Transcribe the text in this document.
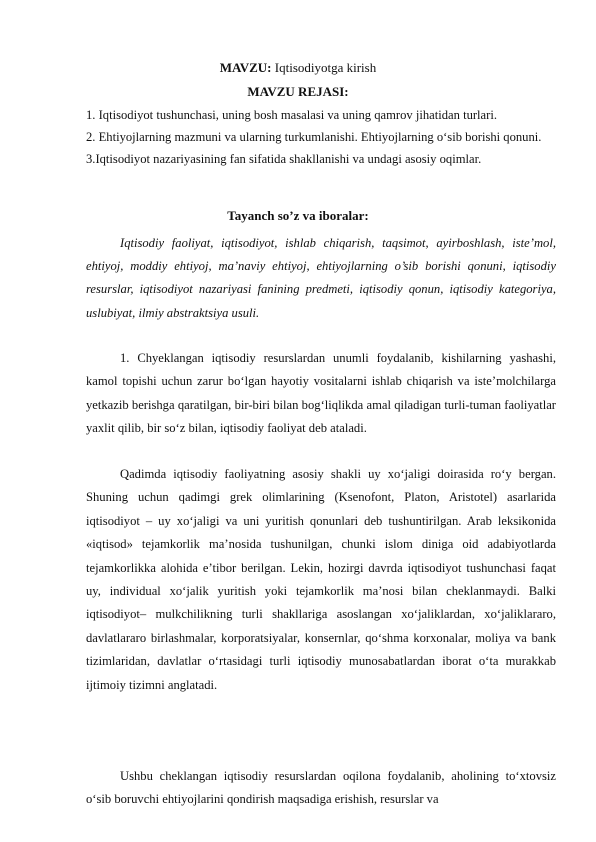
MAVZU: Iqtisodiyotga kirish
MAVZU REJASI:
1. Iqtisodiyot tushunchasi, uning bosh masalasi va uning qamrov jihatidan turlari.
2. Ehtiyojlarning mazmuni va ularning turkumlanishi. Ehtiyojlarning o‘sib borishi qonuni.
3.Iqtisodiyot nazariyasining fan sifatida shakllanishi va undagi asosiy oqimlar.
Tayanch so’z va iboralar:

Iqtisodiy faoliyat, iqtisodiyot, ishlab chiqarish, taqsimot, ayirboshlash, iste’mol, ehtiyoj, moddiy ehtiyoj, ma’naviy ehtiyoj, ehtiyojlarning o’sib borishi qonuni, iqtisodiy resurslar, iqtisodiyot nazariyasi fanining predmeti, iqtisodiy qonun, iqtisodiy kategoriya, uslubiyat, ilmiy abstraktsiya usuli.

1. Chyeklangan iqtisodiy resurslardan unumli foydalanib, kishilarning yashashi, kamol topishi uchun zarur bo‘lgan hayotiy vositalarni ishlab chiqarish va iste’molchilarga yetkazib berishga qaratilgan, bir-biri bilan bog‘liqlikda amal qiladigan turli-tuman faoliyatlar yaxlit qilib, bir so‘z bilan, iqtisodiy faoliyat deb ataladi.

Qadimda iqtisodiy faoliyatning asosiy shakli uy xo‘jaligi doirasida ro‘y bergan. Shuning uchun qadimgi grek olimlarining (Ksenofont, Platon, Aristotel) asarlarida iqtisodiyot – uy xo‘jaligi va uni yuritish qonunlari deb tushuntirilgan. Arab leksikonida «iqtisod» tejamkorlik ma’nosida tushunilgan, chunki islom diniga oid adabiyotlarda tejamkorlikka alohida e’tibor berilgan. Lekin, hozirgi davrda iqtisodiyot tushunchasi faqat uy, individual xo‘jalik yuritish yoki tejamkorlik ma’nosi bilan cheklanmaydi. Balki iqtisodiyot– mulkchilikning turli shakllariga asoslangan xo‘jaliklardan, xo‘jaliklararo, davlatlararo birlashmalar, korporatsiyalar, konsernlar, qo‘shma korxonalar, moliya va bank tizimlaridan, davlatlar o‘rtasidagi turli iqtisodiy munosabatlardan iborat o‘ta murakkab ijtimoiy tizimni anglatadi.

Ushbu cheklangan iqtisodiy resurslardan oqilona foydalanib, aholining to‘xtovsiz o‘sib boruvchi ehtiyojlarini qondirish maqsadiga erishish, resurslar va
